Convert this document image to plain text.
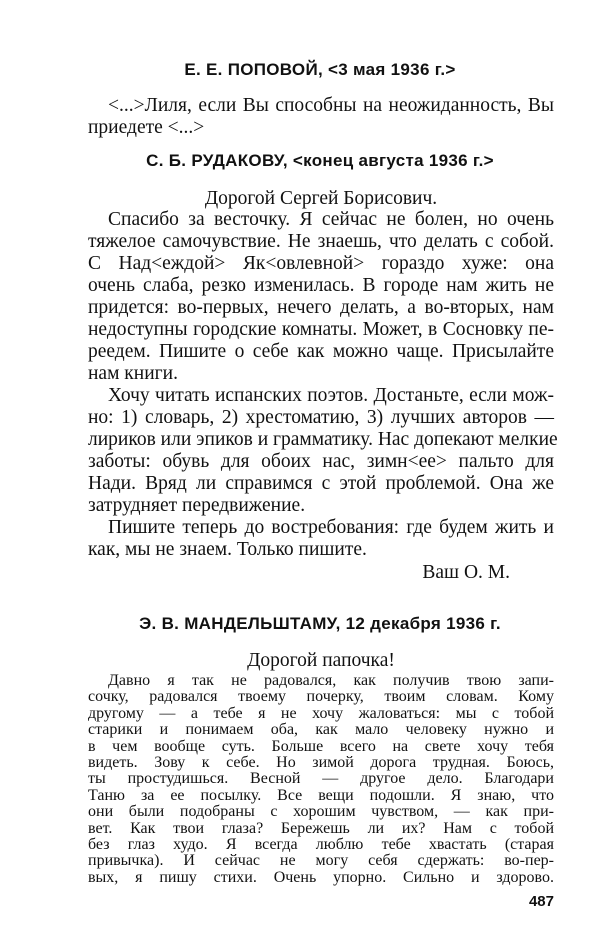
Е. Е. ПОПОВОЙ, <3 мая 1936 г.>
<...>Лиля, если Вы способны на неожиданность, Вы
приедете <...>
С. Б. РУДАКОВУ, <конец августа 1936 г.>
Дорогой Сергей Борисович.
Спасибо за весточку. Я сейчас не болен, но очень
тяжелое самочувствие. Не знаешь, что делать с собой.
С Над<еждой> Як<овлевной> гораздо хуже: она
очень слаба, резко изменилась. В городе нам жить не
придется: во-первых, нечего делать, а во-вторых, нам
недоступны городские комнаты. Может, в Сосновку пе-
реедем. Пишите о себе как можно чаще. Присылайте
нам книги.
Хочу читать испанских поэтов. Достаньте, если мож-
но: 1) словарь, 2) хрестоматию, 3) лучших авторов —
лириков или эпиков и грамматику. Нас допекают мелкие
заботы: обувь для обоих нас, зимн<ее> пальто для
Нади. Вряд ли справимся с этой проблемой. Она же
затрудняет передвижение.
Пишите теперь до востребования: где будем жить и
как, мы не знаем. Только пишите.
Ваш О. М.
Э. В. МАНДЕЛЬШТАМУ, 12 декабря 1936 г.
Дорогой папочка!
Давно я так не радовался, как получив твою запи-
сочку, радовался твоему почерку, твоим словам. Кому
другому — а тебе я не хочу жаловаться: мы с тобой
старики и понимаем оба, как мало человеку нужно и
в чем вообще суть. Больше всего на свете хочу тебя
видеть. Зову к себе. Но зимой дорога трудная. Боюсь,
ты простудишься. Весной — другое дело. Благодари
Таню за ее посылку. Все вещи подошли. Я знаю, что
они были подобраны с хорошим чувством, — как при-
вет. Как твои глаза? Бережешь ли их? Нам с тобой
без глаз худо. Я всегда люблю тебе хвастать (старая
привычка). И сейчас не могу себя сдержать: во-пер-
вых, я пишу стихи. Очень упорно. Сильно и здорово.
487
